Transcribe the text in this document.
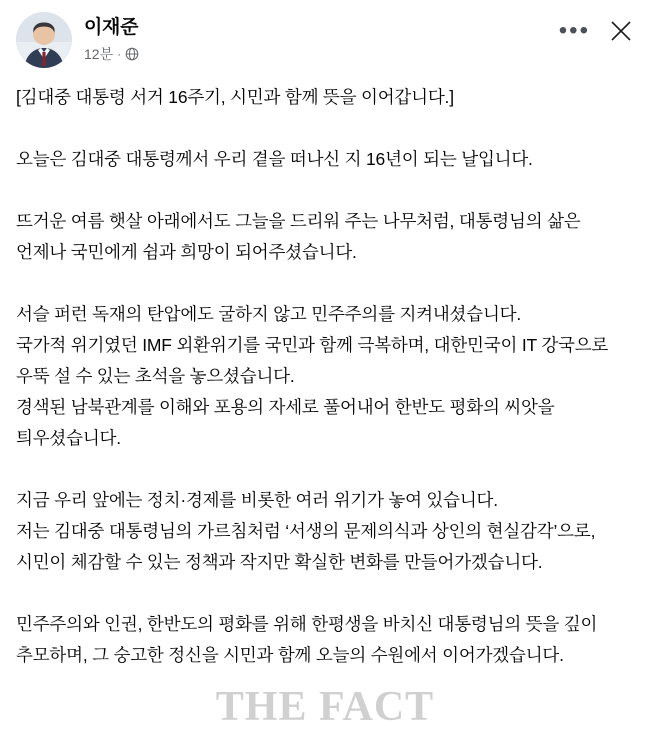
이재준
12분 ·
•••

[김대중 대통령 서거 16주기, 시민과 함께 뜻을 이어갑니다.]

오늘은 김대중 대통령께서 우리 곁을 떠나신 지 16년이 되는 날입니다.

뜨거운 여름 햇살 아래에서도 그늘을 드리워 주는 나무처럼, 대통령님의 삶은 언제나 국민에게 쉼과 희망이 되어주셨습니다.

서슬 퍼런 독재의 탄압에도 굴하지 않고 민주주의를 지켜내셨습니다.

국가적 위기였던 IMF 외환위기를 국민과 함께 극복하며, 대한민국이 IT 강국으로 우뚝 설 수 있는 초석을 놓으셨습니다.

경색된 남북관계를 이해와 포용의 자세로 풀어내어 한반도 평화의 씨앗을 틔우셨습니다.

지금 우리 앞에는 정치·경제를 비롯한 여러 위기가 놓여 있습니다.

저는 김대중 대통령님의 가르침처럼 ‘서생의 문제의식과 상인의 현실감각’으로, 시민이 체감할 수 있는 정책과 작지만 확실한 변화를 만들어가겠습니다.

민주주의와 인권, 한반도의 평화를 위해 한평생을 바치신 대통령님의 뜻을 깊이 추모하며, 그 숭고한 정신을 시민과 함께 오늘의 수원에서 이어가겠습니다.

THE FACT
